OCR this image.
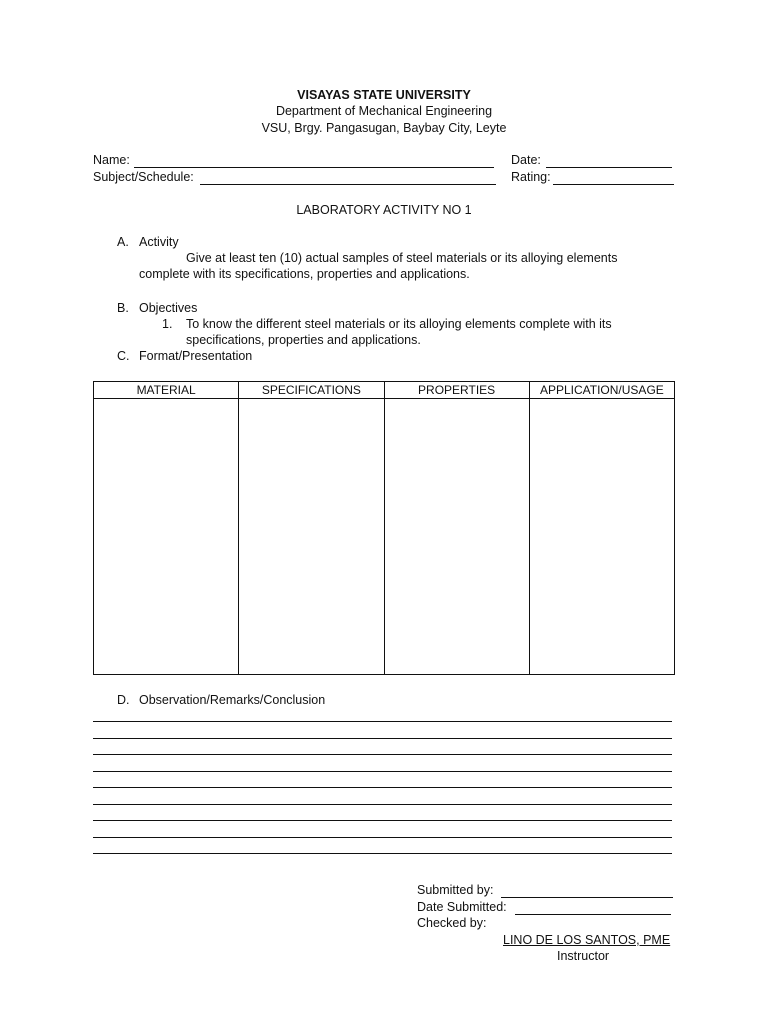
VISAYAS STATE UNIVERSITY
Department of Mechanical Engineering
VSU, Brgy. Pangasugan, Baybay City, Leyte
Name:	Date:
Subject/Schedule:	Rating:
LABORATORY ACTIVITY NO 1
A. Activity
Give at least ten (10) actual samples of steel materials or its alloying elements
complete with its specifications, properties and applications.
B. Objectives
1. To know the different steel materials or its alloying elements complete with its
specifications, properties and applications.
C. Format/Presentation
MATERIAL	SPECIFICATIONS	PROPERTIES	APPLICATION/USAGE

D. Observation/Remarks/Conclusion
Submitted by:
Date Submitted:
Checked by:
LINO DE LOS SANTOS, PME
Instructor
